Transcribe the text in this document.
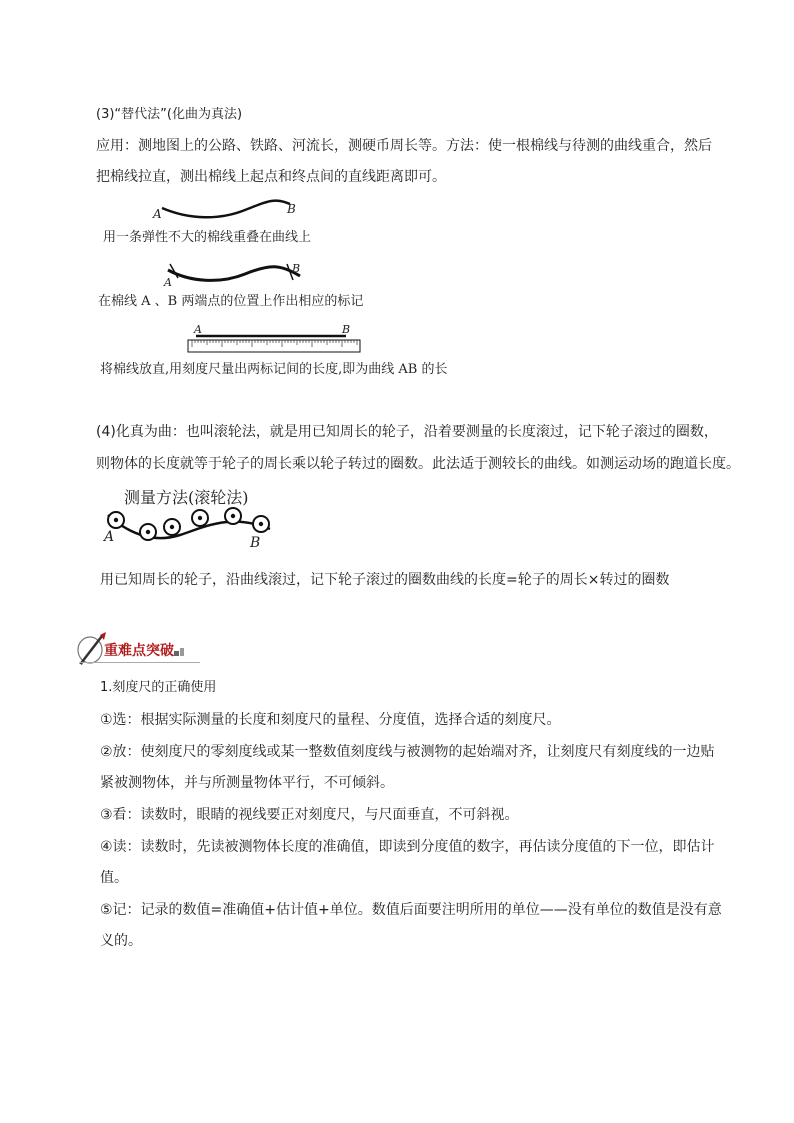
(3)“替代法”(化曲为真法)
应用：测地图上的公路、铁路、河流长，测硬币周长等。方法：使一根棉线与待测的曲线重合，然后
把棉线拉直，测出棉线上起点和终点间的直线距离即可。
A	B
用一条弹性不大的棉线重叠在曲线上
A
B
在棉线 A 、B 两端点的位置上作出相应的标记
A	B
将棉线放直,用刻度尺量出两标记间的长度,即为曲线 AB 的长
(4)化真为曲：也叫滚轮法，就是用已知周长的轮子，沿着要测量的长度滚过，记下轮子滚过的圈数，
则物体的长度就等于轮子的周长乘以轮子转过的圈数。此法适于测较长的曲线。如测运动场的跑道长度。
测量方法(滚轮法)
A	B
用已知周长的轮子，沿曲线滚过，记下轮子滚过的圈数曲线的长度=轮子的周长×转过的圈数
重难点突破
1.刻度尺的正确使用
①选：根据实际测量的长度和刻度尺的量程、分度值，选择合适的刻度尺。
②放：使刻度尺的零刻度线或某一整数值刻度线与被测物的起始端对齐，让刻度尺有刻度线的一边贴
紧被测物体，并与所测量物体平行，不可倾斜。
③看：读数时，眼睛的视线要正对刻度尺，与尺面垂直，不可斜视。
④读：读数时，先读被测物体长度的准确值，即读到分度值的数字，再估读分度值的下一位，即估计
值。
⑤记：记录的数值=准确值+估计值+单位。数值后面要注明所用的单位——没有单位的数值是没有意
义的。
